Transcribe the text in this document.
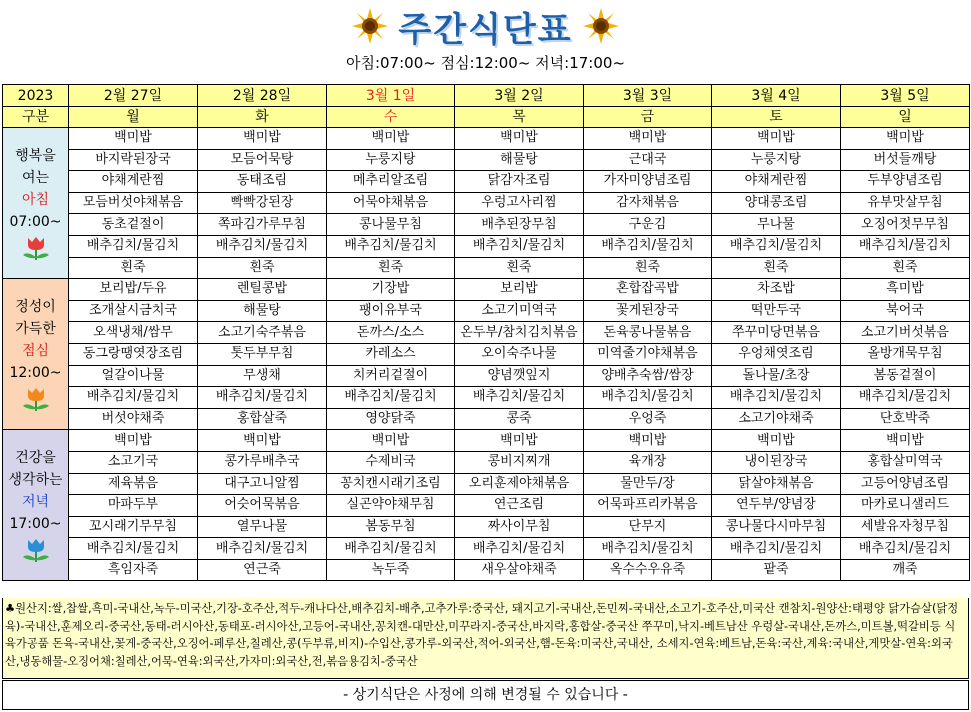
주간식단표
아침:07:00~ 점심:12:00~ 저녁:17:00~
2023	2월 27일	2월 28일	3월 1일	3월 2일	3월 3일	3월 4일	3월 5일
구분	월	화	수	목	금	토	일

행복을
여는
아침
07:00~	백미밥	백미밥	백미밥	백미밥	백미밥	백미밥	백미밥
	바지락된장국	모듬어묵탕	누룽지탕	해물탕	근대국	누룽지탕	버섯들깨탕
	야채계란찜	동태조림	메추리알조림	닭감자조림	가자미양념조림	야채계란찜	두부양념조림
	모듬버섯야채볶음	빡빡강된장	어묵야채볶음	우렁고사리찜	감자채볶음	양대콩조림	유부맛살무침
	동초겉절이	쪽파김가루무침	콩나물무침	배추된장무침	구운김	무나물	오징어젓무무침
	배추김치/물김치	배추김치/물김치	배추김치/물김치	배추김치/물김치	배추김치/물김치	배추김치/물김치	배추김치/물김치
	흰죽	흰죽	흰죽	흰죽	흰죽	흰죽	흰죽

정성이
가득한
점심
12:00~	보리밥/두유	렌틸콩밥	기장밥	보리밥	혼합잡곡밥	차조밥	흑미밥
	조개살시금치국	해물탕	팽이유부국	소고기미역국	꽃게된장국	떡만두국	북어국
	오색냉채/쌈무	소고기숙주볶음	돈까스/소스	온두부/참치김치볶음	돈육콩나물볶음	쭈꾸미당면볶음	소고기버섯볶음
	동그랑땡엿장조림	톳두부무침	카레소스	오이숙주나물	미역줄기야채볶음	우엉채엿조림	올방개묵무침
	얼갈이나물	무생채	치커리겉절이	양념깻잎지	양배추숙쌈/쌈장	돌나물/초장	봄동겉절이
	배추김치/물김치	배추김치/물김치	배추김치/물김치	배추김치/물김치	배추김치/물김치	배추김치/물김치	배추김치/물김치
	버섯야채죽	홍합살죽	영양닭죽	콩죽	우엉죽	소고기야채죽	단호박죽

건강을
생각하는
저녁
17:00~	백미밥	백미밥	백미밥	백미밥	백미밥	백미밥	백미밥
	소고기국	콩가루배추국	수제비국	콩비지찌개	육개장	냉이된장국	홍합살미역국
	제육볶음	대구고니알찜	꽁치캔시래기조림	오리훈제야채볶음	물만두/장	닭살야채볶음	고등어양념조림
	마파두부	어슷어묵볶음	실곤약야채무침	연근조림	어묵파프리카볶음	연두부/양념장	마카로니샐러드
	꼬시래기무무침	열무나물	봄동무침	짜사이무침	단무지	콩나물다시마무침	세발유자청무침
	배추김치/물김치	배추김치/물김치	배추김치/물김치	배추김치/물김치	배추김치/물김치	배추김치/물김치	배추김치/물김치
	흑임자죽	연근죽	녹두죽	새우살야채죽	옥수수우유죽	팥죽	깨죽
♣원산지:쌀,찹쌀,흑미-국내산,녹두-미국산,기장-호주산,적두-캐나다산,배추김치-배추,고추가루:중국산, 돼지고기-국내산,돈민찌-국내산,소고기-호주산,미국산 캔참치-원양산:태평양 닭가슴살(닭정육)-국내산,훈제오리-중국산,동태-러시아산,동태포-러시아산,고등어-국내산,꽁치캔-대만산,미꾸라지-중국산,바지락,홍합살-중국산 쭈꾸미,낙지-베트남산 우렁살-국내산,돈까스,미트볼,떡갈비등 식육가공품 돈육-국내산,꽃게-중국산,오징어-페루산,칠레산,콩(두부류,비지)-수입산,콩가루-외국산,적어-외국산,햄-돈육:미국산,국내산, 소세지-연육:베트남,돈육:국산,계육:국내산,게맛살-연육:외국산,냉동해물-오징어채:칠레산,어묵-연육:외국산,가자미:외국산,전,볶음용김치-중국산
- 상기식단은 사정에 의해 변경될 수 있습니다 -
